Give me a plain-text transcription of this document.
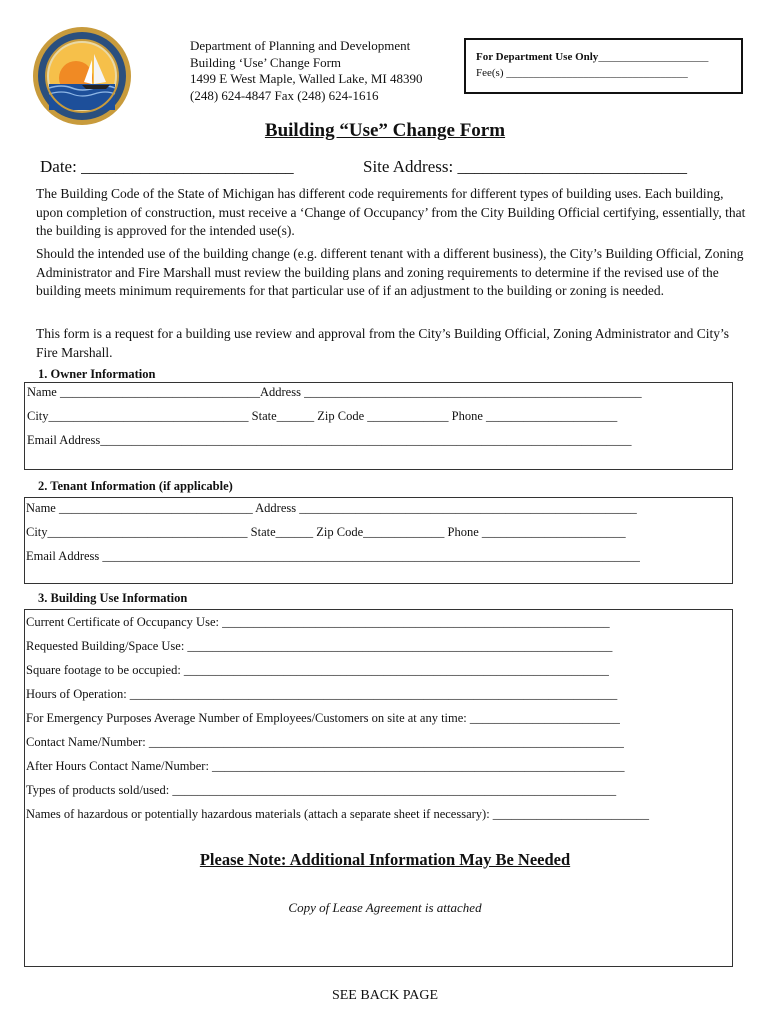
Department of Planning and Development
Building ‘Use’ Change Form
1499 E West Maple, Walled Lake, MI 48390
(248) 624-4847 Fax (248) 624-1616
For Department Use Only____________________
Fee(s) _________________________________
Building “Use” Change Form
Date: _________________________	Site Address: ___________________________
The Building Code of the State of Michigan has different code requirements for different types of building uses. Each building, upon completion of construction, must receive a ‘Change of Occupancy’ from the City Building Official certifying, essentially, that the building is approved for the intended use(s).
Should the intended use of the building change (e.g. different tenant with a different business), the City’s Building Official, Zoning Administrator and Fire Marshall must review the building plans and zoning requirements to determine if the revised use of the building meets minimum requirements for that particular use of if an adjustment to the building or zoning is needed.
This form is a request for a building use review and approval from the City’s Building Official, Zoning Administrator and City’s Fire Marshall.
1. Owner Information
Name ________________________________Address ______________________________________________________
City________________________________ State______ Zip Code _____________ Phone _____________________
Email Address_____________________________________________________________________________________
2. Tenant Information (if applicable)
Name _______________________________ Address ______________________________________________________
City________________________________ State______ Zip Code_____________ Phone _______________________
Email Address ______________________________________________________________________________________
3. Building Use Information
Current Certificate of Occupancy Use: ______________________________________________________________
Requested Building/Space Use: ____________________________________________________________________
Square footage to be occupied: ____________________________________________________________________
Hours of Operation: ______________________________________________________________________________
For Emergency Purposes Average Number of Employees/Customers on site at any time: ________________________
Contact Name/Number: ____________________________________________________________________________
After Hours Contact Name/Number: __________________________________________________________________
Types of products sold/used: _______________________________________________________________________
Names of hazardous or potentially hazardous materials (attach a separate sheet if necessary): _________________________
Please Note: Additional Information May Be Needed
Copy of Lease Agreement is attached
SEE BACK PAGE
